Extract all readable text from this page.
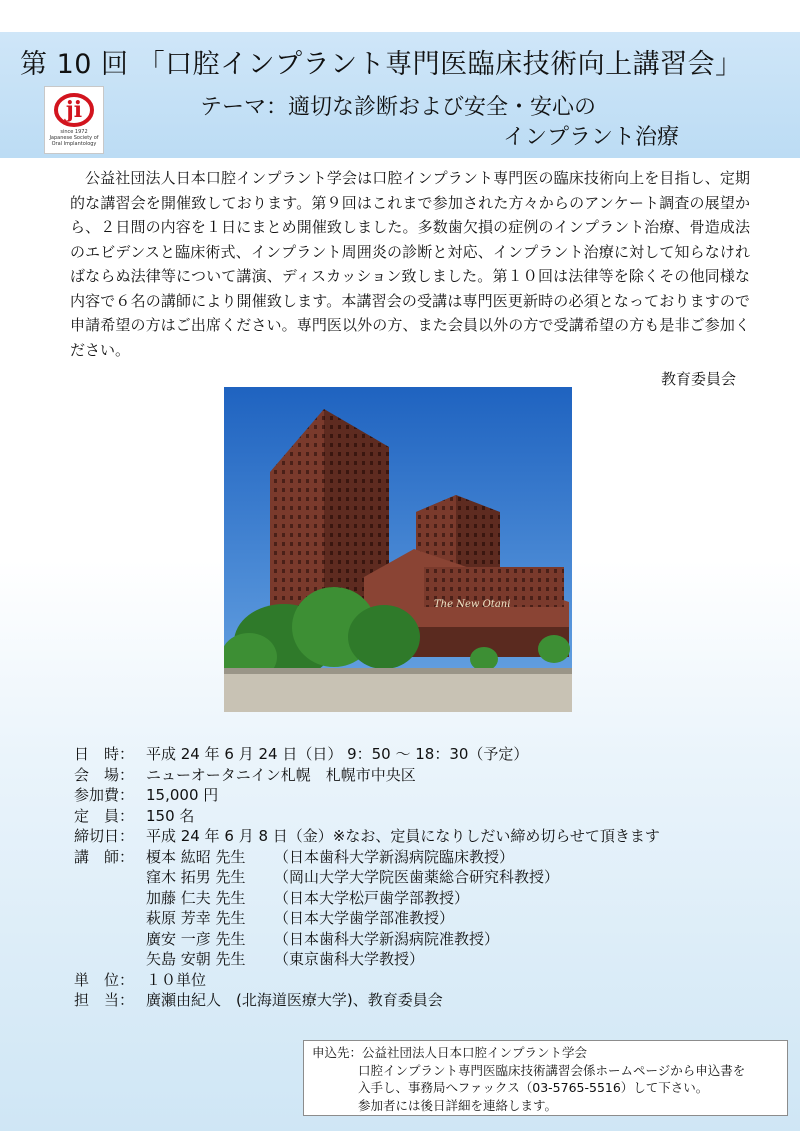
第 10 回 「口腔インプラント専門医臨床技術向上講習会」
ji
since 1972
Japanese Society of Oral Implantology
テーマ：適切な診断および安全・安心の
インプラント治療

公益社団法人日本口腔インプラント学会は口腔インプラント専門医の臨床技術向上を目指し、定期的な講習会を開催致しております。第９回はこれまで参加された方々からのアンケート調査の展望から、２日間の内容を１日にまとめ開催致しました。多数歯欠損の症例のインプラント治療、骨造成法のエビデンスと臨床術式、インプラント周囲炎の診断と対応、インプラント治療に対して知らなければならぬ法律等について講演、ディスカッション致しました。第１０回は法律等を除くその他同様な内容で６名の講師により開催致します。本講習会の受講は専門医更新時の必須となっておりますので申請希望の方はご出席ください。専門医以外の方、また会員以外の方で受講希望の方も是非ご参加ください。

教育委員会
The New Otani
日　時： 平成 24 年 6 月 24 日（日） 9：50 ～ 18：30（予定）
会　場： ニューオータニイン札幌　札幌市中央区
参加費： 15,000 円
定　員： 150 名
締切日： 平成 24 年 6 月 8 日（金）※なお、定員になりしだい締め切らせて頂きます
講　師： 榎本 紘昭 先生	（日本歯科大学新潟病院臨床教授）
窪木 拓男 先生	（岡山大学大学院医歯薬総合研究科教授）
加藤 仁夫 先生	（日本大学松戸歯学部教授）
萩原 芳幸 先生	（日本大学歯学部准教授）
廣安 一彦 先生	（日本歯科大学新潟病院准教授）
矢島 安朝 先生	（東京歯科大学教授）
単　位： １０単位
担　当： 廣瀬由紀人　(北海道医療大学)、教育委員会
申込先：公益社団法人日本口腔インプラント学会
口腔インプラント専門医臨床技術講習会係ホームページから申込書を
入手し、事務局へファックス（03-5765-5516）して下さい。
参加者には後日詳細を連絡します。
